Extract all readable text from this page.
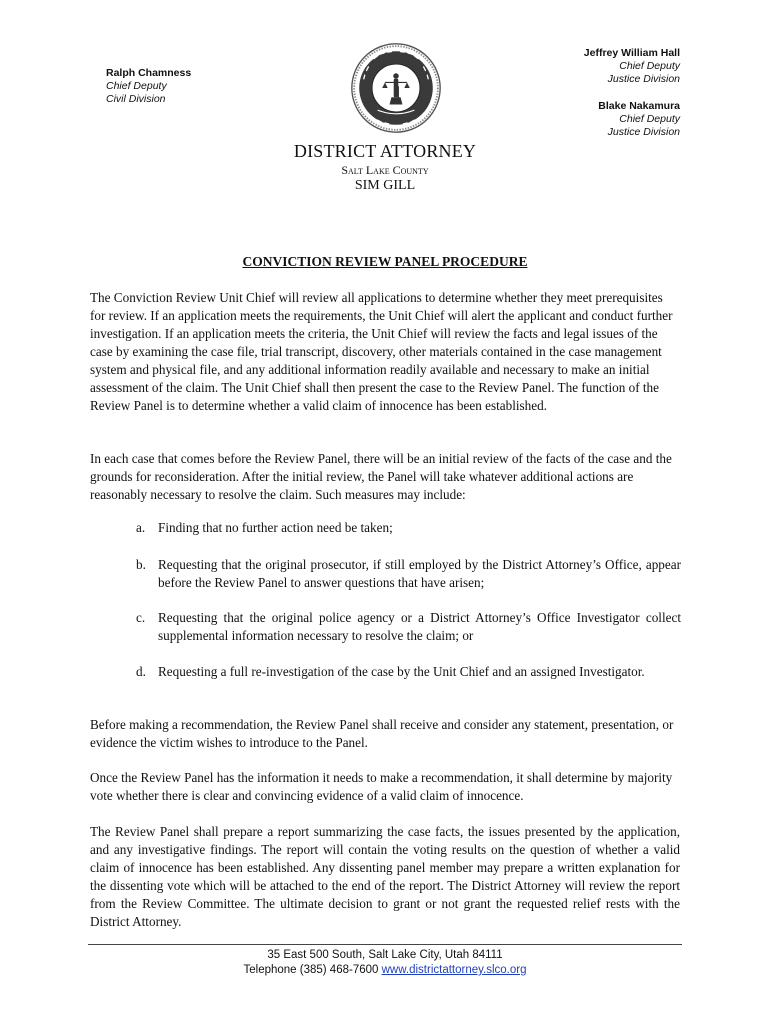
Ralph Chamness
Chief Deputy
Civil Division
Jeffrey William Hall
Chief Deputy
Justice Division
Blake Nakamura
Chief Deputy
Justice Division
DISTRICT ATTORNEY
Salt Lake County
SIM GILL
CONVICTION REVIEW PANEL PROCEDURE

The Conviction Review Unit Chief will review all applications to determine whether they meet prerequisites for review. If an application meets the requirements, the Unit Chief will alert the applicant and conduct further investigation. If an application meets the criteria, the Unit Chief will review the facts and legal issues of the case by examining the case file, trial transcript, discovery, other materials contained in the case management system and physical file, and any additional information readily available and necessary to make an initial assessment of the claim. The Unit Chief shall then present the case to the Review Panel. The function of the Review Panel is to determine whether a valid claim of innocence has been established.

In each case that comes before the Review Panel, there will be an initial review of the facts of the case and the grounds for reconsideration. After the initial review, the Panel will take whatever additional actions are reasonably necessary to resolve the claim. Such measures may include:

a. Finding that no further action need be taken;
b. Requesting that the original prosecutor, if still employed by the District Attorney’s Office, appear before the Review Panel to answer questions that have arisen;
c. Requesting that the original police agency or a District Attorney’s Office Investigator collect supplemental information necessary to resolve the claim; or
d. Requesting a full re-investigation of the case by the Unit Chief and an assigned Investigator.

Before making a recommendation, the Review Panel shall receive and consider any statement, presentation, or evidence the victim wishes to introduce to the Panel.

Once the Review Panel has the information it needs to make a recommendation, it shall determine by majority vote whether there is clear and convincing evidence of a valid claim of innocence.

The Review Panel shall prepare a report summarizing the case facts, the issues presented by the application, and any investigative findings. The report will contain the voting results on the question of whether a valid claim of innocence has been established. Any dissenting panel member may prepare a written explanation for the dissenting vote which will be attached to the end of the report. The District Attorney will review the report from the Review Committee. The ultimate decision to grant or not grant the requested relief rests with the District Attorney.

35 East 500 South, Salt Lake City, Utah 84111
Telephone (385) 468-7600 www.districtattorney.slco.org
